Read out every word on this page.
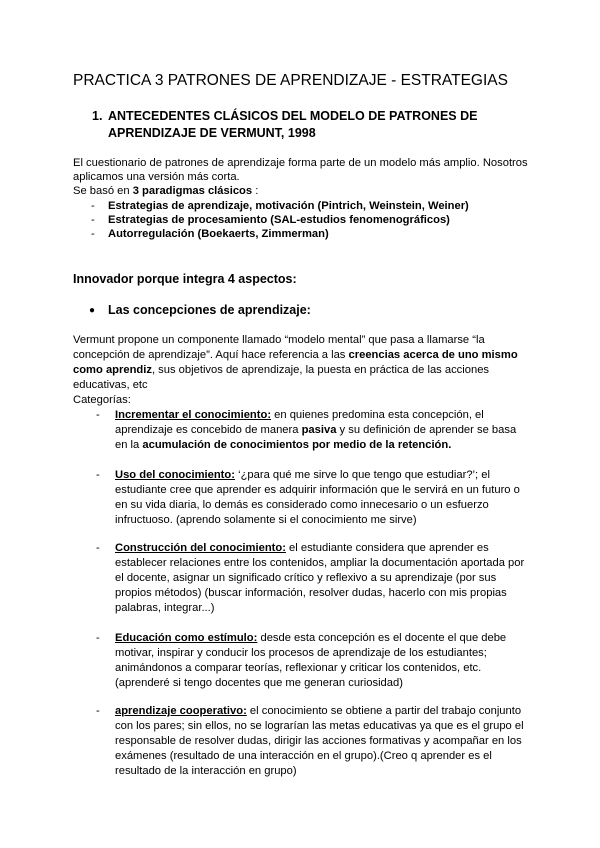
PRACTICA 3 PATRONES DE APRENDIZAJE - ESTRATEGIAS
1. ANTECEDENTES CLÁSICOS DEL MODELO DE PATRONES DE
APRENDIZAJE DE VERMUNT, 1998
El cuestionario de patrones de aprendizaje forma parte de un modelo más amplio. Nosotros
aplicamos una versión más corta.
Se basó en 3 paradigmas clásicos :
- Estrategias de aprendizaje, motivación (Pintrich, Weinstein, Weiner)
- Estrategias de procesamiento (SAL-estudios fenomenográficos)
- Autorregulación (Boekaerts, Zimmerman)
Innovador porque integra 4 aspectos:
● Las concepciones de aprendizaje:
Vermunt propone un componente llamado “modelo mental” que pasa a llamarse “la
concepción de aprendizaje”. Aquí hace referencia a las creencias acerca de uno mismo
como aprendiz, sus objetivos de aprendizaje, la puesta en práctica de las acciones
educativas, etc
Categorías:
- Incrementar el conocimiento: en quienes predomina esta concepción, el
aprendizaje es concebido de manera pasiva y su definición de aprender se basa
en la acumulación de conocimientos por medio de la retención.
- Uso del conocimiento: ‘¿para qué me sirve lo que tengo que estudiar?’; el
estudiante cree que aprender es adquirir información que le servirá en un futuro o
en su vida diaria, lo demás es considerado como innecesario o un esfuerzo
infructuoso. (aprendo solamente si el conocimiento me sirve)
- Construcción del conocimiento: el estudiante considera que aprender es
establecer relaciones entre los contenidos, ampliar la documentación aportada por
el docente, asignar un significado crítico y reflexivo a su aprendizaje (por sus
propios métodos) (buscar información, resolver dudas, hacerlo con mis propias
palabras, integrar...)
- Educación como estímulo: desde esta concepción es el docente el que debe
motivar, inspirar y conducir los procesos de aprendizaje de los estudiantes;
animándonos a comparar teorías, reflexionar y criticar los contenidos, etc.
(aprenderé si tengo docentes que me generan curiosidad)
- aprendizaje cooperativo: el conocimiento se obtiene a partir del trabajo conjunto
con los pares; sin ellos, no se lograrían las metas educativas ya que es el grupo el
responsable de resolver dudas, dirigir las acciones formativas y acompañar en los
exámenes (resultado de una interacción en el grupo).(Creo q aprender es el
resultado de la interacción en grupo)
